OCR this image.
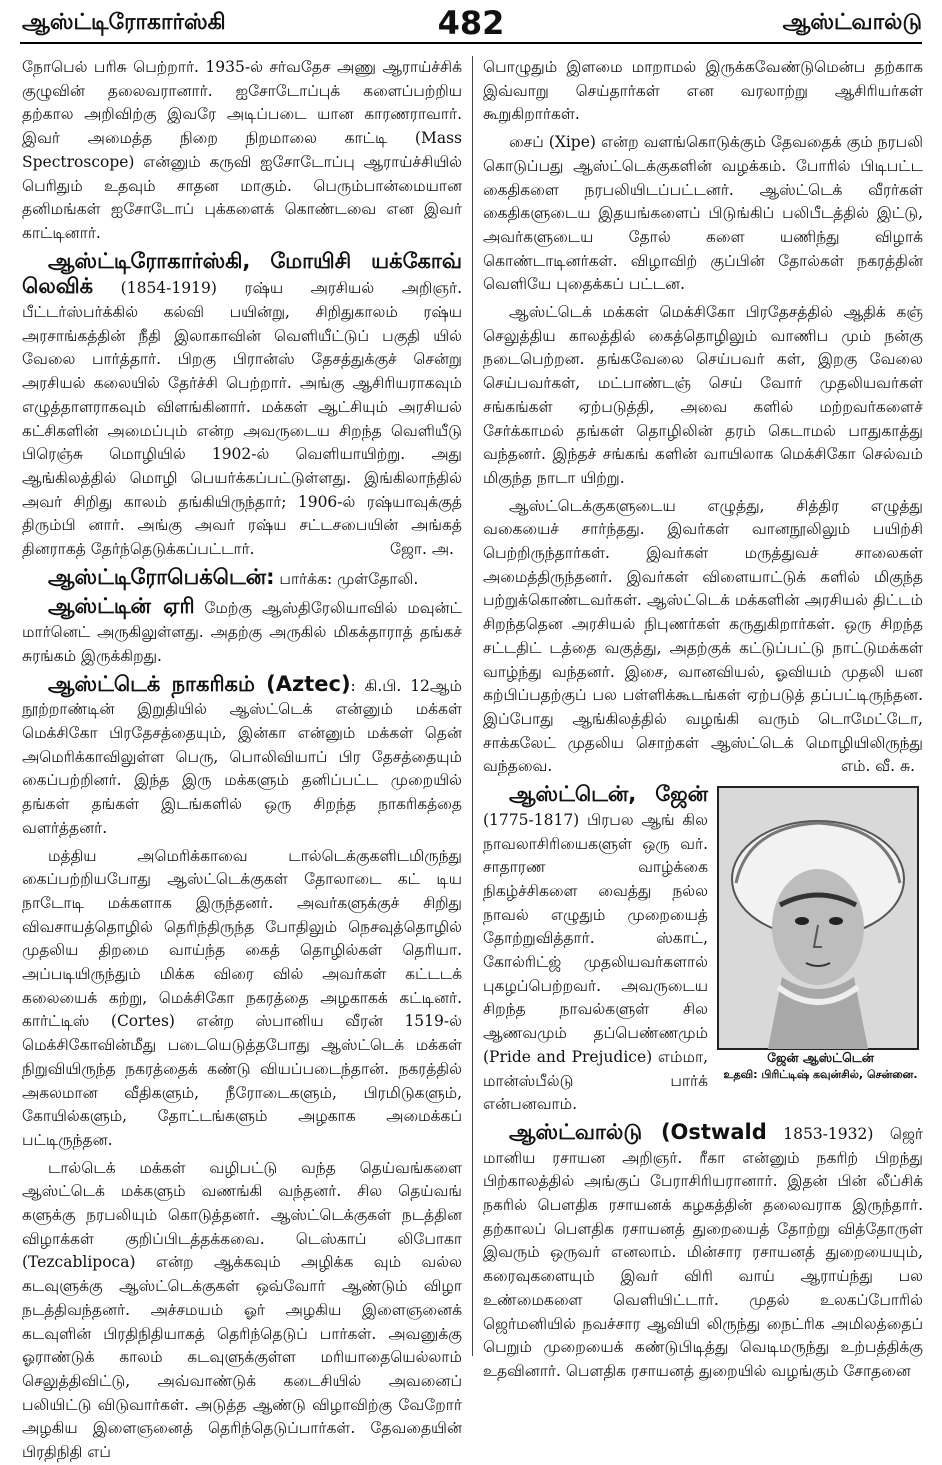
ஆஸ்ட்டிரோகார்ஸ்கி	482	ஆஸ்ட்வால்டு

நோபெல் பரிசு பெற்றார். 1935-ல் சர்வதேச அணு ஆராய்ச்சிக் குழுவின் தலைவரானார். ஐசோடோப்புக் களைப்பற்றிய தற்கால அறிவிற்கு இவரே அடிப்படை யான காரணராவார். இவர் அமைத்த நிறை நிறமாலை காட்டி (Mass Spectroscope) என்னும் கருவி ஐசோடோப்பு ஆராய்ச்சியில் பெரிதும் உதவும் சாதன மாகும். பெரும்பான்மையான தனிமங்கள் ஐசோடோப் புக்களைக் கொண்டவை என இவர் காட்டினார்.

ஆஸ்ட்டிரோகார்ஸ்கி, மோயிசி யக்கோவ் லெவிக் (1854-1919) ரஷ்ய அரசியல் அறிஞர். பீட்டர்ஸ்பர்க்கில் கல்வி பயின்று, சிறிதுகாலம் ரஷ்ய அரசாங்கத்தின் நீதி இலாகாவின் வெளியீட்டுப் பகுதி யில் வேலை பார்த்தார். பிறகு பிரான்ஸ் தேசத்துக்குச் சென்று அரசியல் கலையில் தேர்ச்சி பெற்றார். அங்கு ஆசிரியராகவும் எழுத்தாளராகவும் விளங்கினார். மக்கள் ஆட்சியும் அரசியல் கட்சிகளின் அமைப்பும் என்ற அவருடைய சிறந்த வெளியீடு பிரெஞ்சு மொழியில் 1902-ல் வெளியாயிற்று. அது ஆங்கிலத்தில் மொழி பெயர்க்கப்பட்டுள்ளது. இங்கிலாந்தில் அவர் சிறிது காலம் தங்கியிருந்தார்; 1906-ல் ரஷ்யாவுக்குத் திரும்பி னார். அங்கு அவர் ரஷ்ய சட்டசபையின் அங்கத் தினராகத் தேர்ந்தெடுக்கப்பட்டார்.	ஜோ. அ.
ஆஸ்ட்டிரோபெக்டென்: பார்க்க: முள்தோலி.
ஆஸ்ட்டின் ஏரி மேற்கு ஆஸ்திரேலியாவில் மவுன்ட் மார்னெட் அருகிலுள்ளது. அதற்கு அருகில் மிகக்தாராத் தங்கச் சுரங்கம் இருக்கிறது.
ஆஸ்ட்டெக் நாகரிகம் (Aztec): கி.பி. 12ஆம் நூற்றாண்டின் இறுதியில் ஆஸ்ட்டெக் என்னும் மக்கள் மெக்சிகோ பிரதேசத்தையும், இன்கா என்னும் மக்கள் தென் அமெரிக்காவிலுள்ள பெரு, பொலிவியாப் பிர தேசத்தையும் கைப்பற்றினர். இந்த இரு மக்களும் தனிப்பட்ட முறையில் தங்கள் தங்கள் இடங்களில் ஒரு சிறந்த நாகரிகத்தை வளர்த்தனர்.

மத்திய அமெரிக்காவை டால்டெக்குகளிடமிருந்து கைப்பற்றியபோது ஆஸ்ட்டெக்குகள் தோலாடை கட் டிய நாடோடி மக்களாக இருந்தனர். அவர்களுக்குச் சிறிது விவசாயத்தொழில் தெரிந்திருந்த போதிலும் நெசவுத்தொழில் முதலிய திறமை வாய்ந்த கைத் தொழில்கள் தெரியா. அப்படியிருந்தும் மிக்க விரை வில் அவர்கள் கட்டடக் கலையைக் கற்று, மெக்சிகோ நகரத்தை அழகாகக் கட்டினர். கார்ட்டிஸ் (Cortes) என்ற ஸ்பானிய வீரன் 1519-ல் மெக்சிகோவின்மீது படையெடுத்தபோது ஆஸ்ட்டெக் மக்கள் நிறுவியிருந்த நகரத்தைக் கண்டு வியப்படைந்தான். நகரத்தில் அகலமான வீதிகளும், நீரோடைகளும், பிரமிடுகளும், கோயில்களும், தோட்டங்களும் அழகாக அமைக்கப் பட்டிருந்தன.

டால்டெக் மக்கள் வழிபட்டு வந்த தெய்வங்களை ஆஸ்ட்டெக் மக்களும் வணங்கி வந்தனர். சில தெய்வங் களுக்கு நரபலியும் கொடுத்தனர். ஆஸ்ட்டெக்குகள் நடத்தின விழாக்கள் குறிப்பிடத்தக்கவை. டெஸ்காப் லிபோகா (Tezcablipoca) என்ற ஆக்கவும் அழிக்க வும் வல்ல கடவுளுக்கு ஆஸ்ட்டெக்குகள் ஒவ்வோர் ஆண்டும் விழா நடத்திவந்தனர். அச்சமயம் ஓர் அழகிய இளைஞனைக் கடவுளின் பிரதிநிதியாகத் தெரிந்தெடுப் பார்கள். அவனுக்கு ஓராண்டுக் காலம் கடவுளுக்குள்ள மரியாதையெல்லாம் செலுத்திவிட்டு, அவ்வாண்டுக் கடைசியில் அவனைப் பலியிட்டு விடுவார்கள். அடுத்த ஆண்டு விழாவிற்கு வேறோர் அழகிய இளைஞனைத் தெரிந்தெடுப்பார்கள். தேவதையின் பிரதிநிதி எப்

பொழுதும் இளமை மாறாமல் இருக்கவேண்டுமென்ப தற்காக இவ்வாறு செய்தார்கள் என வரலாற்று ஆசிரியர்கள் கூறுகிறார்கள்.

சைப் (Xipe) என்ற வளங்கொடுக்கும் தேவதைக் கும் நரபலி கொடுப்பது ஆஸ்ட்டெக்குகளின் வழக்கம். போரில் பிடிபட்ட கைதிகளை நரபலியிடப்பட்டனர். ஆஸ்ட்டெக் வீரர்கள் கைதிகளுடைய இதயங்களைப் பிடுங்கிப் பலிபீடத்தில் இட்டு, அவர்களுடைய தோல் களை யணிந்து விழாக் கொண்டாடினர்கள். விழாவிற் குப்பின் தோல்கள் நகரத்தின் வெளியே புதைக்கப் பட்டன.

ஆஸ்ட்டெக் மக்கள் மெக்சிகோ பிரதேசத்தில் ஆதிக் கஞ் செலுத்திய காலத்தில் கைத்தொழிலும் வாணிப மும் நன்கு நடைபெற்றன. தங்கவேலை செய்பவர் கள், இறகு வேலை செய்பவர்கள், மட்பாண்டஞ் செய் வோர் முதலியவர்கள் சங்கங்கள் ஏற்படுத்தி, அவை களில் மற்றவர்களைச் சேர்க்காமல் தங்கள் தொழிலின் தரம் கெடாமல் பாதுகாத்து வந்தனர். இந்தச் சங்கங் களின் வாயிலாக மெக்சிகோ செல்வம் மிகுந்த நாடா யிற்று.

ஆஸ்ட்டெக்குகளுடைய எழுத்து, சித்திர எழுத்து வகையைச் சார்ந்தது. இவர்கள் வானநூலிலும் பயிற்சி பெற்றிருந்தார்கள். இவர்கள் மருத்துவச் சாலைகள் அமைத்திருந்தனர். இவர்கள் விளையாட்டுக் களில் மிகுந்த பற்றுக்கொண்டவர்கள். ஆஸ்ட்டெக் மக்களின் அரசியல் திட்டம் சிறந்ததென அரசியல் நிபுணர்கள் கருதுகிறார்கள். ஒரு சிறந்த சட்டதிட் டத்தை வகுத்து, அதற்குக் கட்டுப்பட்டு நாட்டுமக்கள் வாழ்ந்து வந்தனர். இசை, வானவியல், ஓவியம் முதலி யன கற்பிப்பதற்குப் பல பள்ளிக்கூடங்கள் ஏற்படுத் தப்பட்டிருந்தன. இப்போது ஆங்கிலத்தில் வழங்கி வரும் டொமேட்டோ, சாக்கலேட் முதலிய சொற்கள் ஆஸ்ட்டெக் மொழியிலிருந்து வந்தவை.	எம். வீ. சு.
ஆஸ்ட்டென், ஜேன்
ஜேன் ஆஸ்ட்டென்
உதவி: பிரிட்டிஷ் கவுன்சில், சென்னை.
(1775-1817) பிரபல ஆங் கில நாவலாசிரியைகளுள் ஒரு வர். சாதாரண வாழ்க்கை நிகழ்ச்சிகளை வைத்து நல்ல நாவல் எழுதும் முறையைத் தோற்றுவித்தார். ஸ்காட், கோல்ரிட்ஜ் முதலியவர்களால் புகழப்பெற்றவர். அவருடைய சிறந்த நாவல்களுள் சில ஆணவமும் தப்பெண்ணமும் (Pride and Prejudice) எம்மா, மான்ஸ்பீல்டு பார்க் என்பனவாம்.
ஆஸ்ட்வால்டு (Ostwald 1853-1932) ஜெர் மானிய ரசாயன அறிஞர். ரீகா என்னும் நகரிற் பிறந்து பிற்காலத்தில் அங்குப் பேராசிரியரானார். இதன் பின் லீப்சிக் நகரில் பௌதிக ரசாயனக் கழகத்தின் தலைவராக இருந்தார். தற்காலப் பௌதிக ரசாயனத் துறையைத் தோற்று வித்தோருள் இவரும் ஒருவர் எனலாம். மின்சார ரசாயனத் துறையையும், கரைவுகளையும் இவர் விரி வாய் ஆராய்ந்து பல உண்மைகளை வெளியிட்டார். முதல் உலகப்போரில் ஜெர்மனியில் நவச்சார ஆவியி லிருந்து நைட்ரிக அமிலத்தைப் பெறும் முறையைக் கண்டுபிடித்து வெடிமருந்து உற்பத்திக்கு உதவினார். பௌதிக ரசாயனத் துறையில் வழங்கும் சோதனை
